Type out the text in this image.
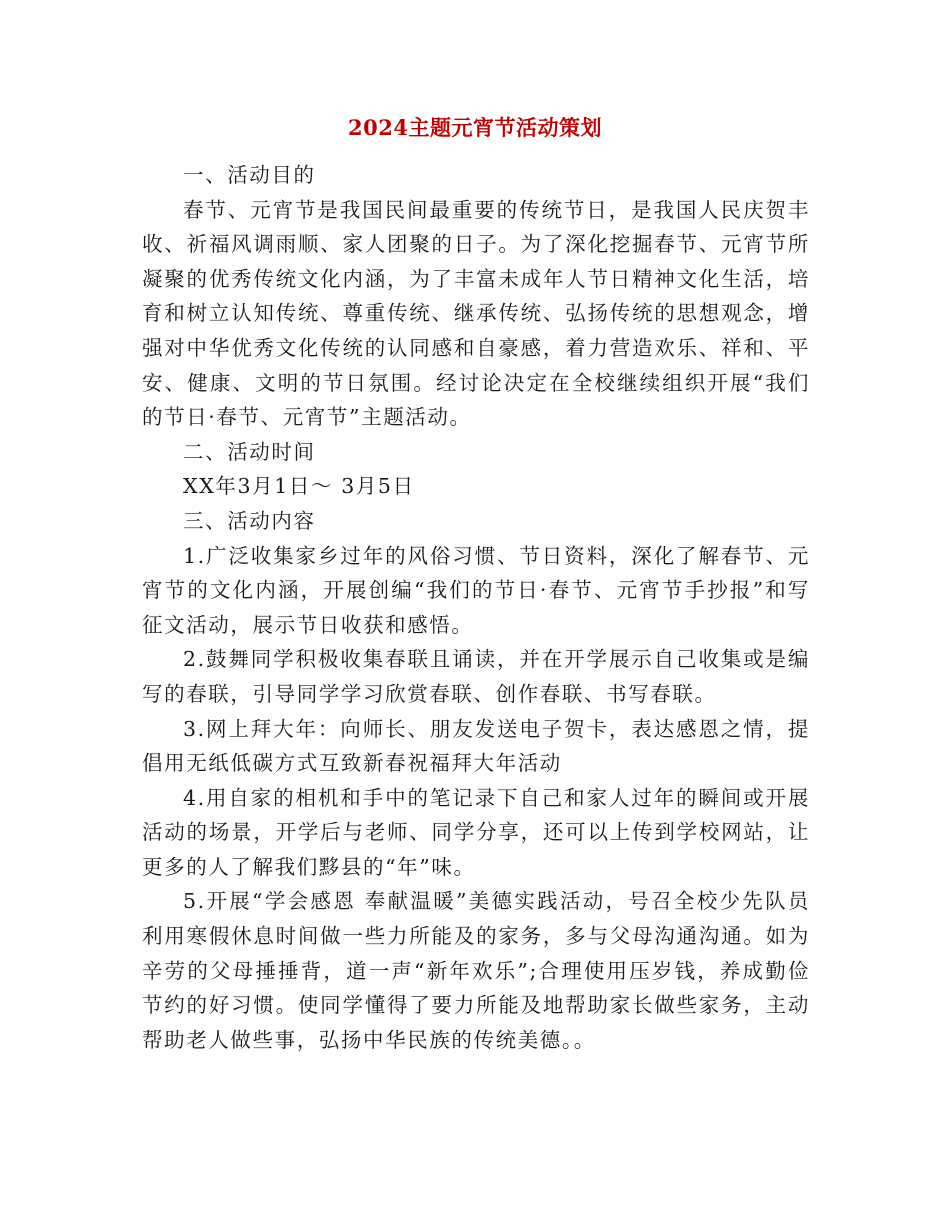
2024主题元宵节活动策划

一、活动目的

春节、元宵节是我国民间最重要的传统节日，是我国人民庆贺丰收、祈福风调雨顺、家人团聚的日子。为了深化挖掘春节、元宵节所凝聚的优秀传统文化内涵，为了丰富未成年人节日精神文化生活，培育和树立认知传统、尊重传统、继承传统、弘扬传统的思想观念，增强对中华优秀文化传统的认同感和自豪感，着力营造欢乐、祥和、平安、健康、文明的节日氛围。经讨论决定在全校继续组织开展“我们的节日·春节、元宵节”主题活动。

二、活动时间

XX年3月1日～ 3月5日

三、活动内容

1.广泛收集家乡过年的风俗习惯、节日资料，深化了解春节、元宵节的文化内涵，开展创编“我们的节日·春节、元宵节手抄报”和写征文活动，展示节日收获和感悟。

2.鼓舞同学积极收集春联且诵读，并在开学展示自己收集或是编写的春联，引导同学学习欣赏春联、创作春联、书写春联。

3.网上拜大年：向师长、朋友发送电子贺卡，表达感恩之情，提倡用无纸低碳方式互致新春祝福拜大年活动

4.用自家的相机和手中的笔记录下自己和家人过年的瞬间或开展活动的场景，开学后与老师、同学分享，还可以上传到学校网站，让更多的人了解我们黟县的“年”味。

5.开展“学会感恩 奉献温暖”美德实践活动，号召全校少先队员利用寒假休息时间做一些力所能及的家务，多与父母沟通沟通。如为辛劳的父母捶捶背，道一声“新年欢乐”;合理使用压岁钱，养成勤俭节约的好习惯。使同学懂得了要力所能及地帮助家长做些家务，主动帮助老人做些事，弘扬中华民族的传统美德。。
